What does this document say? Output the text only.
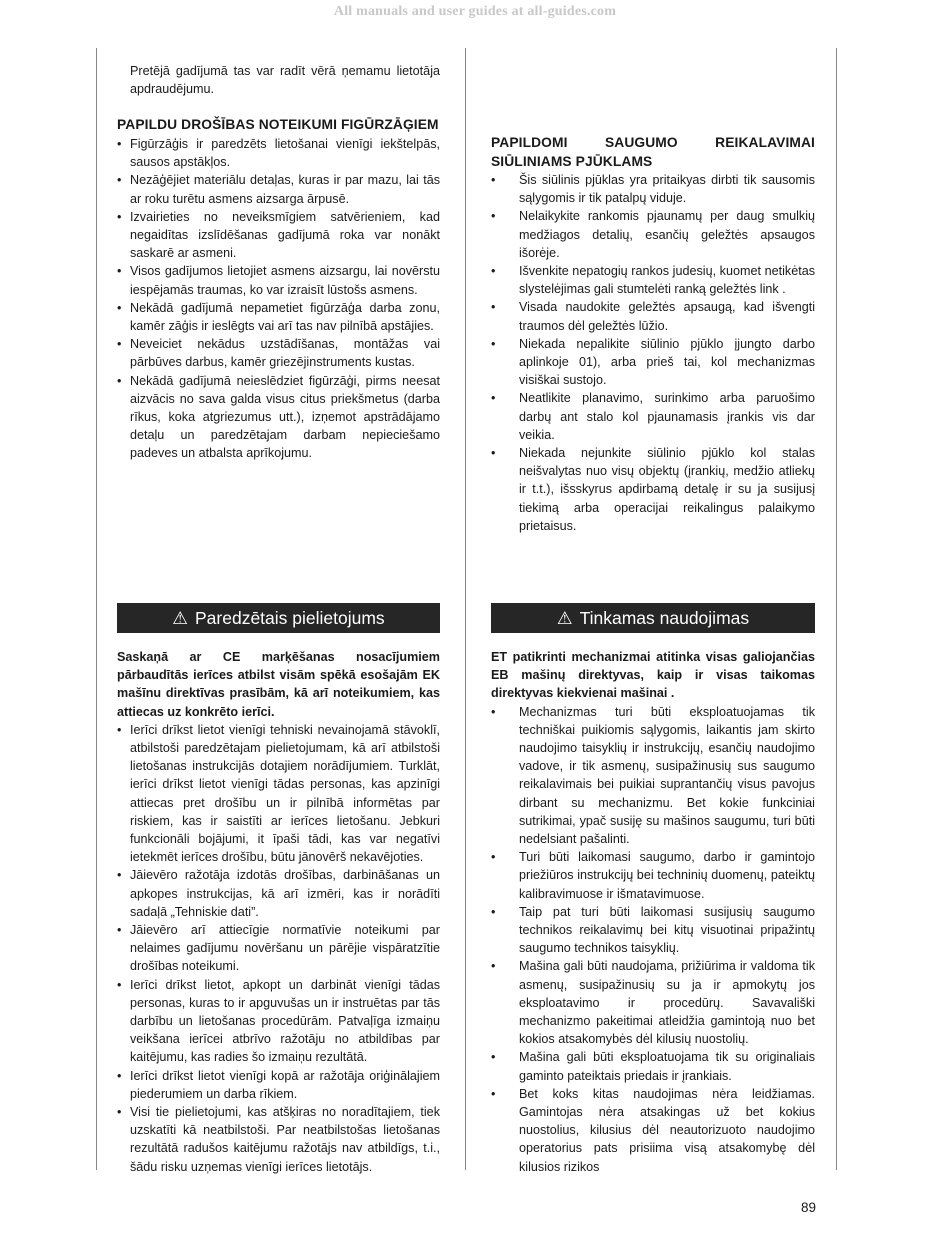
All manuals and user guides at all-guides.com

Pretējā gadījumā tas var radīt vērā ņemamu lietotāja apdraudējumu.

PAPILDU DROŠĪBAS NOTEIKUMI FIGŪRZĀĢIEM
• Figūrzāģis ir paredzēts lietošanai vienīgi iekštelpās, sausos apstākļos.
• Nezāģējiet materiālu detaļas, kuras ir par mazu, lai tās ar roku turētu asmens aizsarga ārpusē.
• Izvairieties no neveiksmīgiem satvērieniem, kad negaidītas izslīdēšanas gadījumā roka var nonākt saskarē ar asmeni.
• Visos gadījumos lietojiet asmens aizsargu, lai novērstu iespējamās traumas, ko var izraisīt lūstošs asmens.
• Nekādā gadījumā nepametiet figūrzāģa darba zonu, kamēr zāģis ir ieslēgts vai arī tas nav pilnībā apstājies.
• Neveiciet nekādus uzstādīšanas, montāžas vai pārbūves darbus, kamēr griezējinstruments kustas.
• Nekādā gadījumā neieslēdziet figūrzāģi, pirms neesat aizvācis no sava galda visus citus priekšmetus (darba rīkus, koka atgriezumus utt.), izņemot apstrādājamo detaļu un paredzētajam darbam nepieciešamo padeves un atbalsta aprīkojumu.
PAPILDOMI SAUGUMO REIKALAVIMAI SIŪLINIAMS PJŪKLAMS
• Šis siūlinis pjūklas yra pritaikyas dirbti tik sausomis sąlygomis ir tik patalpų viduje.
• Nelaikykite rankomis pjaunamų per daug smulkių medžiagos detalių, esančių geležtės apsaugos išorėje.
• Išvenkite nepatogių rankos judesių, kuomet netikėtas slystelėjimas gali stumtelėti ranką geležtės link .
• Visada naudokite geležtės apsaugą, kad išvengti traumos dėl geležtės lūžio.
• Niekada nepalikite siūlinio pjūklo įjungto darbo aplinkoje 01), arba prieš tai, kol mechanizmas visiškai sustojo.
• Neatlikite planavimo, surinkimo arba paruošimo darbų ant stalo kol pjaunamasis įrankis vis dar veikia.
• Niekada nejunkite siūlinio pjūklo kol stalas neišvalytas nuo visų objektų (įrankių, medžio atliekų ir t.t.), išsskyrus apdirbamą detalę ir su ja susijusį tiekimą arba operacijai reikalingus palaikymo prietaisus.
⚠ Paredzētais pielietojums

Saskaņā ar CE marķēšanas nosacījumiem pārbaudītās ierīces atbilst visām spēkā esošajām EK mašīnu direktīvas prasībām, kā arī noteikumiem, kas attiecas uz konkrēto ierīci.

• Ierīci drīkst lietot vienīgi tehniski nevainojamā stāvoklī, atbilstoši paredzētajam pielietojumam, kā arī atbilstoši lietošanas instrukcijās dotajiem norādījumiem. Turklāt, ierīci drīkst lietot vienīgi tādas personas, kas apzinīgi attiecas pret drošību un ir pilnībā informētas par riskiem, kas ir saistīti ar ierīces lietošanu. Jebkuri funkcionāli bojājumi, it īpaši tādi, kas var negatīvi ietekmēt ierīces drošību, būtu jānovērš nekavējoties.
• Jāievēro ražotāja izdotās drošības, darbināšanas un apkopes instrukcijas, kā arī izmēri, kas ir norādīti sadaļā „Tehniskie dati”.
• Jāievēro arī attiecīgie normatīvie noteikumi par nelaimes gadījumu novēršanu un pārējie vispāratzītie drošības noteikumi.
• Ierīci drīkst lietot, apkopt un darbināt vienīgi tādas personas, kuras to ir apguvušas un ir instruētas par tās darbību un lietošanas procedūrām. Patvaļīga izmaiņu veikšana ierīcei atbrīvo ražotāju no atbildības par kaitējumu, kas radies šo izmaiņu rezultātā.
• Ierīci drīkst lietot vienīgi kopā ar ražotāja oriģinālajiem piederumiem un darba rīkiem.
• Visi tie pielietojumi, kas atšķiras no noradītajiem, tiek uzskatīti kā neatbilstoši. Par neatbilstošas lietošanas rezultātā radušos kaitējumu ražotājs nav atbildīgs, t.i., šādu risku uzņemas vienīgi ierīces lietotājs.
⚠ Tinkamas naudojimas

ET patikrinti mechanizmai atitinka visas galiojančias EB mašinų direktyvas, kaip ir visas taikomas direktyvas kiekvienai mašinai .

• Mechanizmas turi būti eksploatuojamas tik techniškai puikiomis sąlygomis, laikantis jam skirto naudojimo taisyklių ir instrukcijų, esančių naudojimo vadove, ir tik asmenų, susipažinusių sus saugumo reikalavimais bei puikiai suprantančių visus pavojus dirbant su mechanizmu. Bet kokie funkciniai sutrikimai, ypač susiję su mašinos saugumu, turi būti nedelsiant pašalinti.
• Turi būti laikomasi saugumo, darbo ir gamintojo priežiūros instrukcijų bei techninių duomenų, pateiktų kalibravimuose ir išmatavimuose.
• Taip pat turi būti laikomasi susijusių saugumo technikos reikalavimų bei kitų visuotinai pripažintų saugumo technikos taisyklių.
• Mašina gali būti naudojama, prižiūrima ir valdoma tik asmenų, susipažinusių su ja ir apmokytų jos eksploatavimo ir procedūrų. Savavališki mechanizmo pakeitimai atleidžia gamintoją nuo bet kokios atsakomybės dėl kilusių nuostolių.
• Mašina gali būti eksploatuojama tik su originaliais gaminto pateiktais priedais ir įrankiais.
• Bet koks kitas naudojimas nėra leidžiamas. Gamintojas nėra atsakingas už bet kokius nuostolius, kilusius dėl neautorizuoto naudojimo operatorius pats prisiima visą atsakomybę dėl kilusios rizikos
89
